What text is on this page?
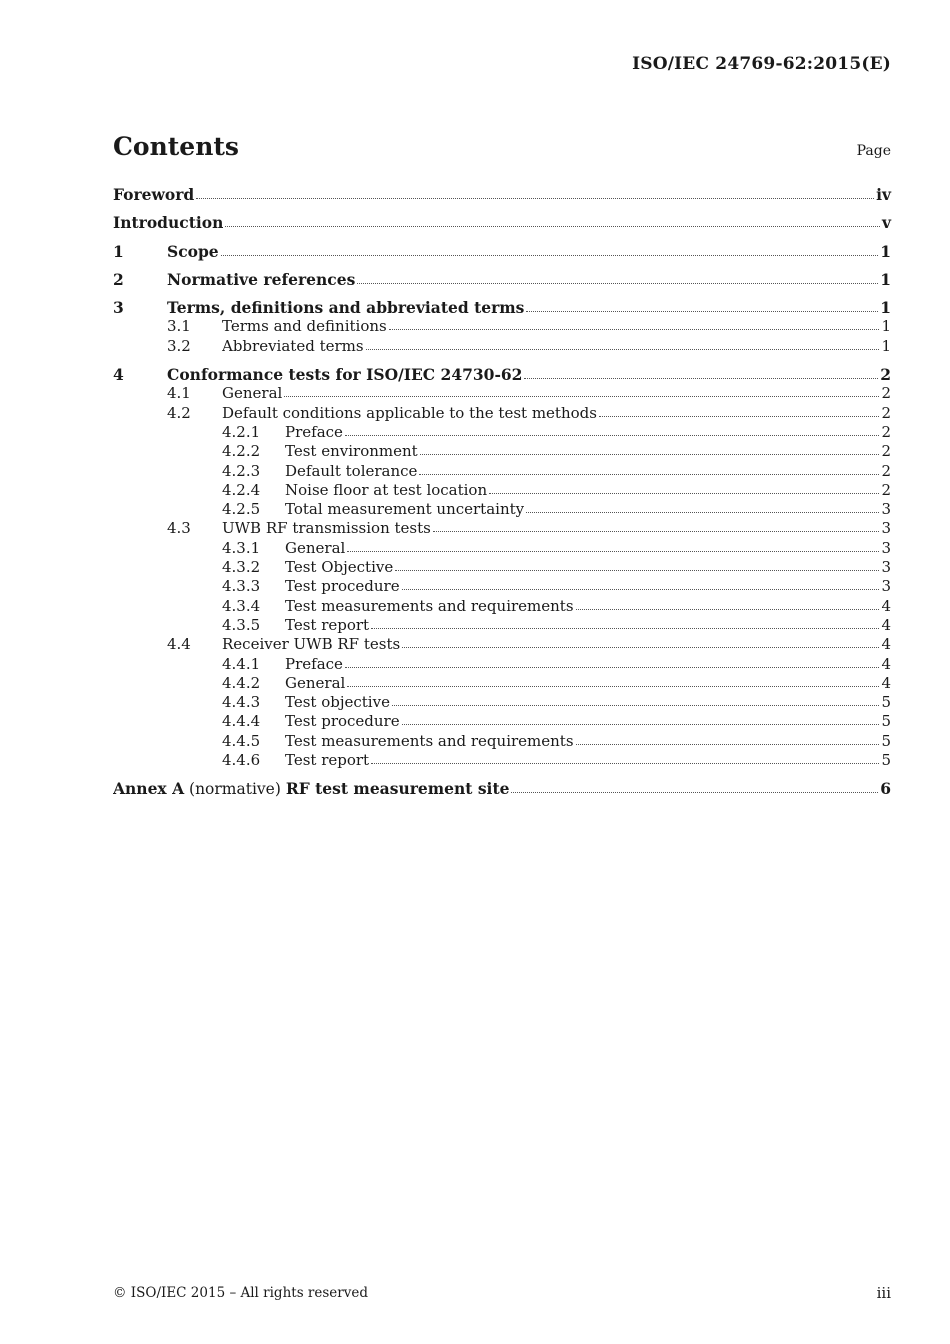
ISO/IEC 24769-62:2015(E)
Contents	Page
Foreword	iv
Introduction	v
1	Scope	1
2	Normative references	1
3	Terms, definitions and abbreviated terms	1
3.1	Terms and definitions	1
3.2	Abbreviated terms	1
4	Conformance tests for ISO/IEC 24730-62	2
4.1	General	2
4.2	Default conditions applicable to the test methods	2
4.2.1	Preface	2
4.2.2	Test environment	2
4.2.3	Default tolerance	2
4.2.4	Noise floor at test location	2
4.2.5	Total measurement uncertainty	3
4.3	UWB RF transmission tests	3
4.3.1	General	3
4.3.2	Test Objective	3
4.3.3	Test procedure	3
4.3.4	Test measurements and requirements	4
4.3.5	Test report	4
4.4	Receiver UWB RF tests	4
4.4.1	Preface	4
4.4.2	General	4
4.4.3	Test objective	5
4.4.4	Test procedure	5
4.4.5	Test measurements and requirements	5
4.4.6	Test report	5
Annex A (normative) RF test measurement site	6
© ISO/IEC 2015 – All rights reserved	iii
